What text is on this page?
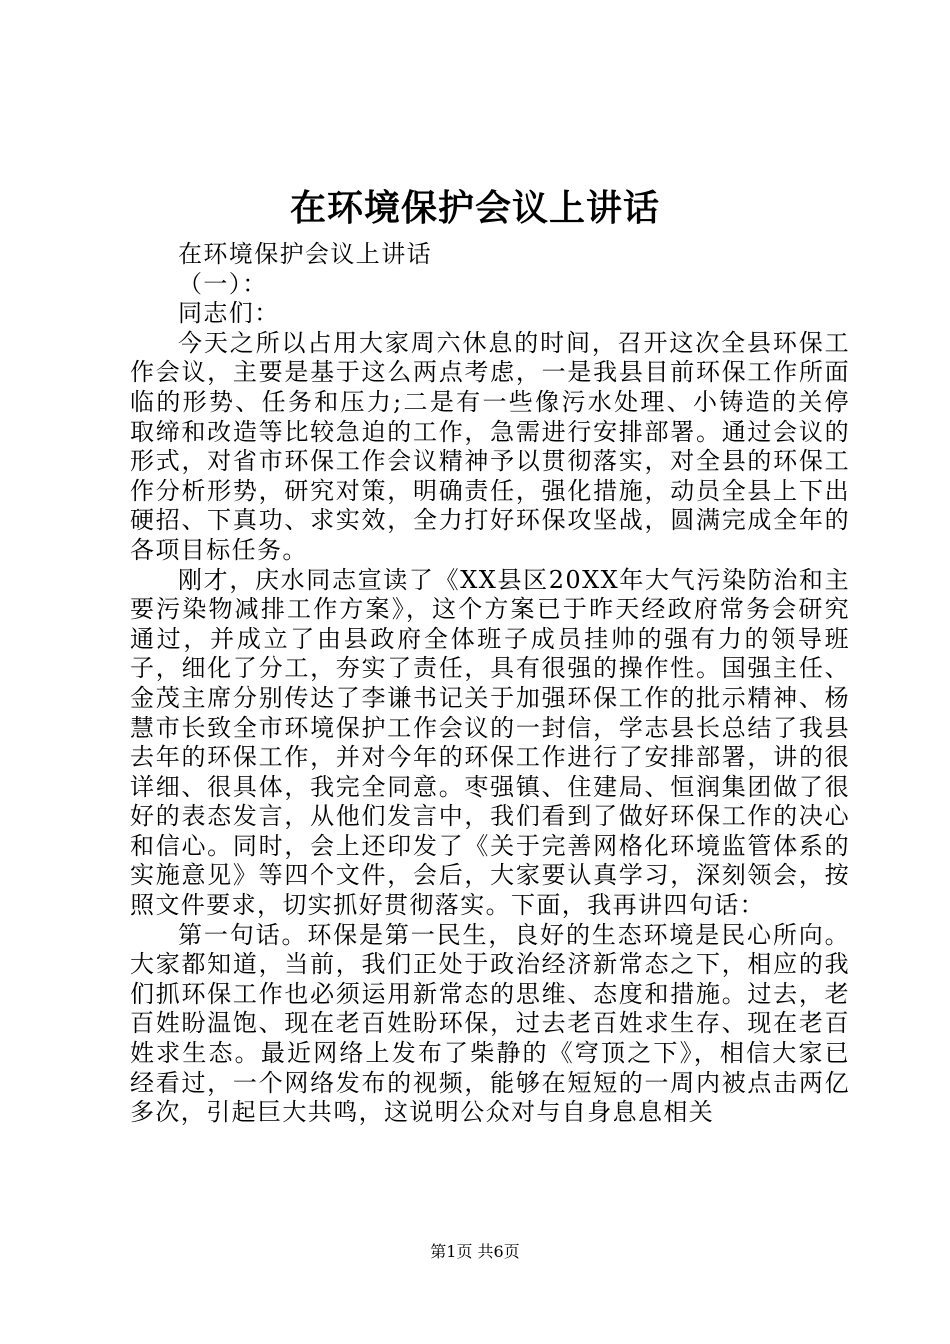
在环境保护会议上讲话

在环境保护会议上讲话

（一）：

同志们：

今天之所以占用大家周六休息的时间，召开这次全县环保工作会议，主要是基于这么两点考虑，一是我县目前环保工作所面临的形势、任务和压力;二是有一些像污水处理、小铸造的关停取缔和改造等比较急迫的工作，急需进行安排部署。通过会议的形式，对省市环保工作会议精神予以贯彻落实，对全县的环保工作分析形势，研究对策，明确责任，强化措施，动员全县上下出硬招、下真功、求实效，全力打好环保攻坚战，圆满完成全年的各项目标任务。

刚才，庆水同志宣读了《XX县区20XX年大气污染防治和主要污染物减排工作方案》，这个方案已于昨天经政府常务会研究通过，并成立了由县政府全体班子成员挂帅的强有力的领导班子，细化了分工，夯实了责任，具有很强的操作性。国强主任、金茂主席分别传达了李谦书记关于加强环保工作的批示精神、杨慧市长致全市环境保护工作会议的一封信，学志县长总结了我县去年的环保工作，并对今年的环保工作进行了安排部署，讲的很详细、很具体，我完全同意。枣强镇、住建局、恒润集团做了很好的表态发言，从他们发言中，我们看到了做好环保工作的决心和信心。同时，会上还印发了《关于完善网格化环境监管体系的实施意见》等四个文件，会后，大家要认真学习，深刻领会，按照文件要求，切实抓好贯彻落实。下面，我再讲四句话：

第一句话。环保是第一民生，良好的生态环境是民心所向。大家都知道，当前，我们正处于政治经济新常态之下，相应的我们抓环保工作也必须运用新常态的思维、态度和措施。过去，老百姓盼温饱、现在老百姓盼环保，过去老百姓求生存、现在老百姓求生态。最近网络上发布了柴静的《穹顶之下》，相信大家已经看过，一个网络发布的视频，能够在短短的一周内被点击两亿多次，引起巨大共鸣，这说明公众对与自身息息相关

第1页 共6页
